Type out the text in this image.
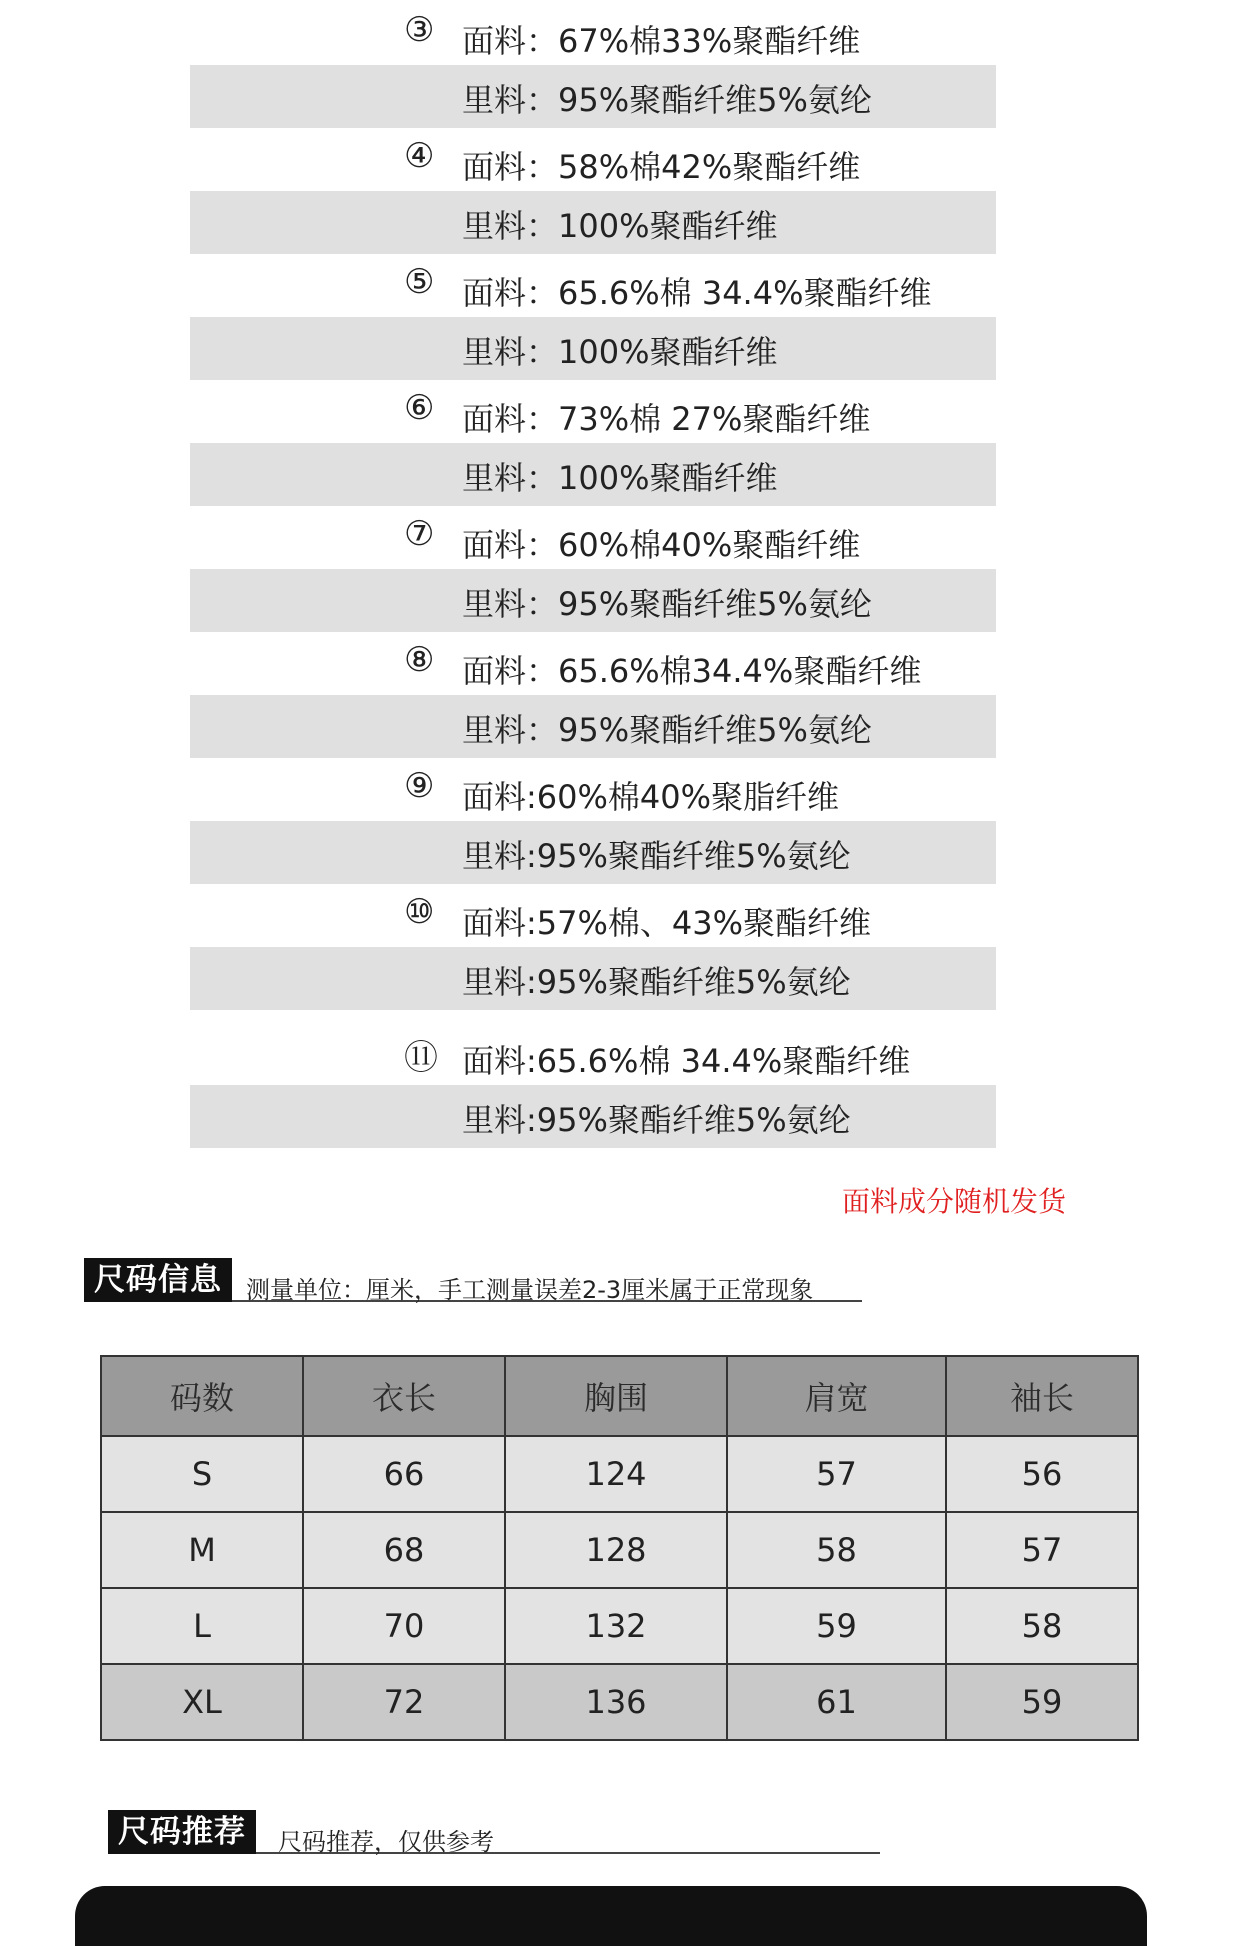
③ 面料：67%棉33%聚酯纤维
里料：95%聚酯纤维5%氨纶
④ 面料：58%棉42%聚酯纤维
里料：100%聚酯纤维
⑤ 面料：65.6%棉 34.4%聚酯纤维
里料：100%聚酯纤维
⑥ 面料：73%棉 27%聚酯纤维
里料：100%聚酯纤维
⑦ 面料：60%棉40%聚酯纤维
里料：95%聚酯纤维5%氨纶
⑧ 面料：65.6%棉34.4%聚酯纤维
里料：95%聚酯纤维5%氨纶
⑨ 面料:60%棉40%聚脂纤维
里料:95%聚酯纤维5%氨纶
⑩ 面料:57%棉、43%聚酯纤维
里料:95%聚酯纤维5%氨纶
⑪ 面料:65.6%棉 34.4%聚酯纤维
里料:95%聚酯纤维5%氨纶
面料成分随机发货
尺码信息	测量单位：厘米，手工测量误差2-3厘米属于正常现象
码数	衣长	胸围	肩宽	袖长
S	66	124	57	56
M	68	128	58	57
L	70	132	59	58
XL	72	136	61	59
尺码推荐	尺码推荐，仅供参考
